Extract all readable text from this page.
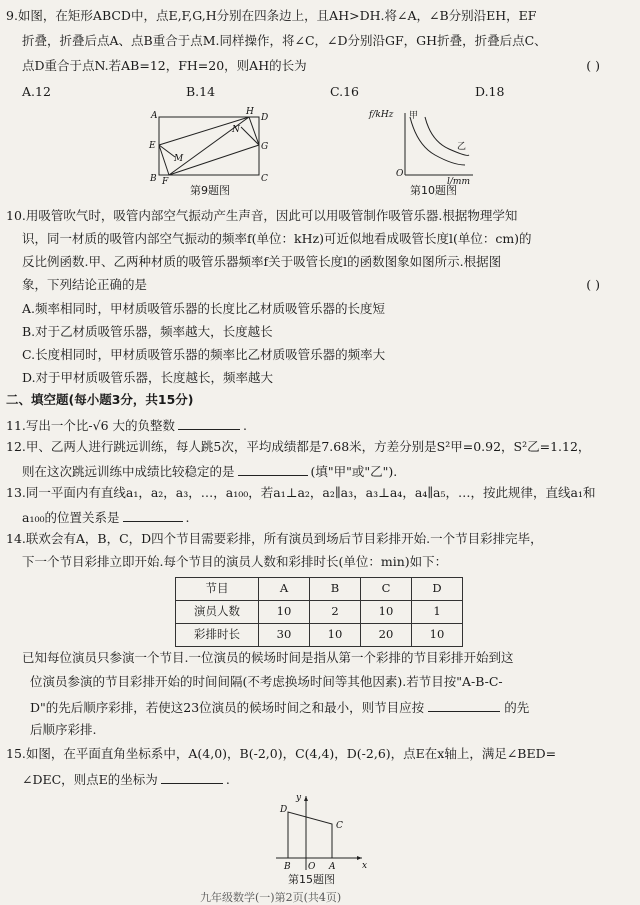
9.如图，在矩形ABCD中，点E,F,G,H分别在四条边上，且AH>DH.将∠A，∠B分别沿EH，EF
折叠，折叠后点A、点B重合于点M.同样操作，将∠C，∠D分别沿GF，GH折叠，折叠后点C、
点D重合于点N.若AB=12，FH=20，则AH的长为	( )
A.12	B.14	C.16	D.18
A	D
E	G
B F	C
H
M
N
第9题图
f/kHz 甲
乙
O
l/mm
第10题图
10.用吸管吹气时，吸管内部空气振动产生声音，因此可以用吸管制作吸管乐器.根据物理学知
识，同一材质的吸管内部空气振动的频率f(单位：kHz)可近似地看成吸管长度l(单位：cm)的
反比例函数.甲、乙两种材质的吸管乐器频率f关于吸管长度l的函数图象如图所示.根据图
象，下列结论正确的是	( )
A.频率相同时，甲材质吸管乐器的长度比乙材质吸管乐器的长度短
B.对于乙材质吸管乐器，频率越大，长度越长
C.长度相同时，甲材质吸管乐器的频率比乙材质吸管乐器的频率大
D.对于甲材质吸管乐器，长度越长，频率越大
二、填空题(每小题3分，共15分)
11.写出一个比-√6 大的负整数	.
12.甲、乙两人进行跳远训练，每人跳5次，平均成绩都是7.68米，方差分别是S²甲=0.92，S²乙=1.12，
则在这次跳远训练中成绩比较稳定的是	(填"甲"或"乙").
13.同一平面内有直线a₁，a₂，a₃，…，a₁₀₀，若a₁⊥a₂，a₂∥a₃，a₃⊥a₄，a₄∥a₅，…，按此规律，直线a₁和
a₁₀₀的位置关系是	.
14.联欢会有A，B，C，D四个节目需要彩排，所有演员到场后节目彩排开始.一个节目彩排完毕，
下一个节目彩排立即开始.每个节目的演员人数和彩排时长(单位：min)如下：
节目	A	B	C	D
演员人数	10	2	10	1
彩排时长	30	10	20	10
已知每位演员只参演一个节目.一位演员的候场时间是指从第一个彩排的节目彩排开始到这
位演员参演的节目彩排开始的时间间隔(不考虑换场时间等其他因素).若节目按"A-B-C-
D"的先后顺序彩排，若使这23位演员的候场时间之和最小，则节目应按	的先
后顺序彩排.
15.如图，在平面直角坐标系中，A(4,0)，B(-2,0)，C(4,4)，D(-2,6)，点E在x轴上，满足∠BED=
∠DEC，则点E的坐标为	.
y
x
D
C
B O A
第15题图
九年级数学(一)第2页(共4页)
